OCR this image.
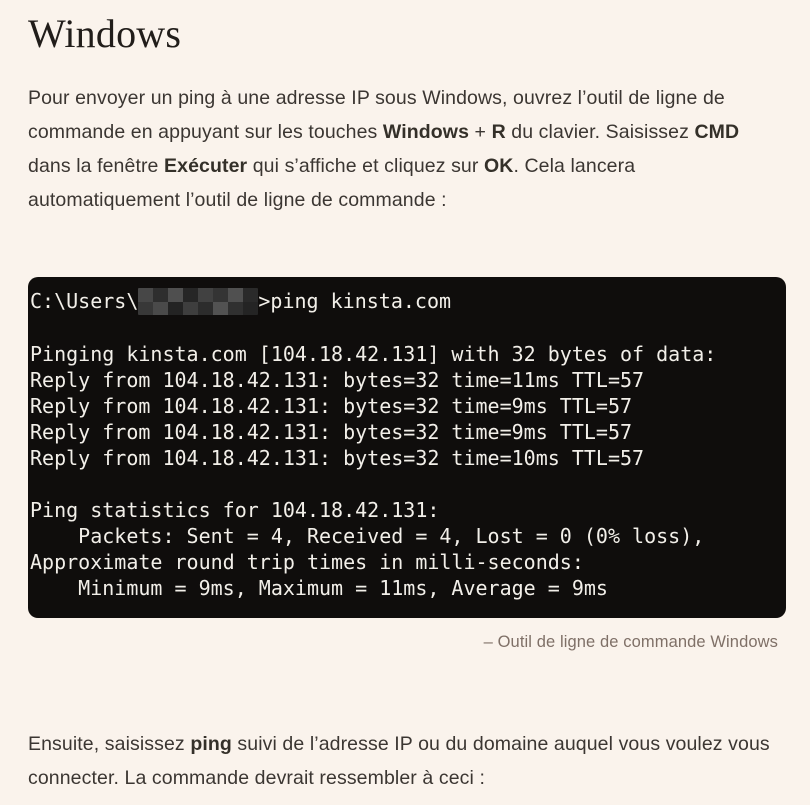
Windows

Pour envoyer un ping à une adresse IP sous Windows, ouvrez l’outil de ligne de commande en appuyant sur les touches Windows + R du clavier. Saisissez CMD dans la fenêtre Exécuter qui s’affiche et cliquez sur OK. Cela lancera automatiquement l’outil de ligne de commande :

C:\Users\	>ping kinsta.com

Pinging kinsta.com [104.18.42.131] with 32 bytes of data:
Reply from 104.18.42.131: bytes=32 time=11ms TTL=57
Reply from 104.18.42.131: bytes=32 time=9ms TTL=57
Reply from 104.18.42.131: bytes=32 time=9ms TTL=57
Reply from 104.18.42.131: bytes=32 time=10ms TTL=57

Ping statistics for 104.18.42.131:
Packets: Sent = 4, Received = 4, Lost = 0 (0% loss),
Approximate round trip times in milli-seconds:
Minimum = 9ms, Maximum = 11ms, Average = 9ms
– Outil de ligne de commande Windows

Ensuite, saisissez ping suivi de l’adresse IP ou du domaine auquel vous voulez vous connecter. La commande devrait ressembler à ceci :
